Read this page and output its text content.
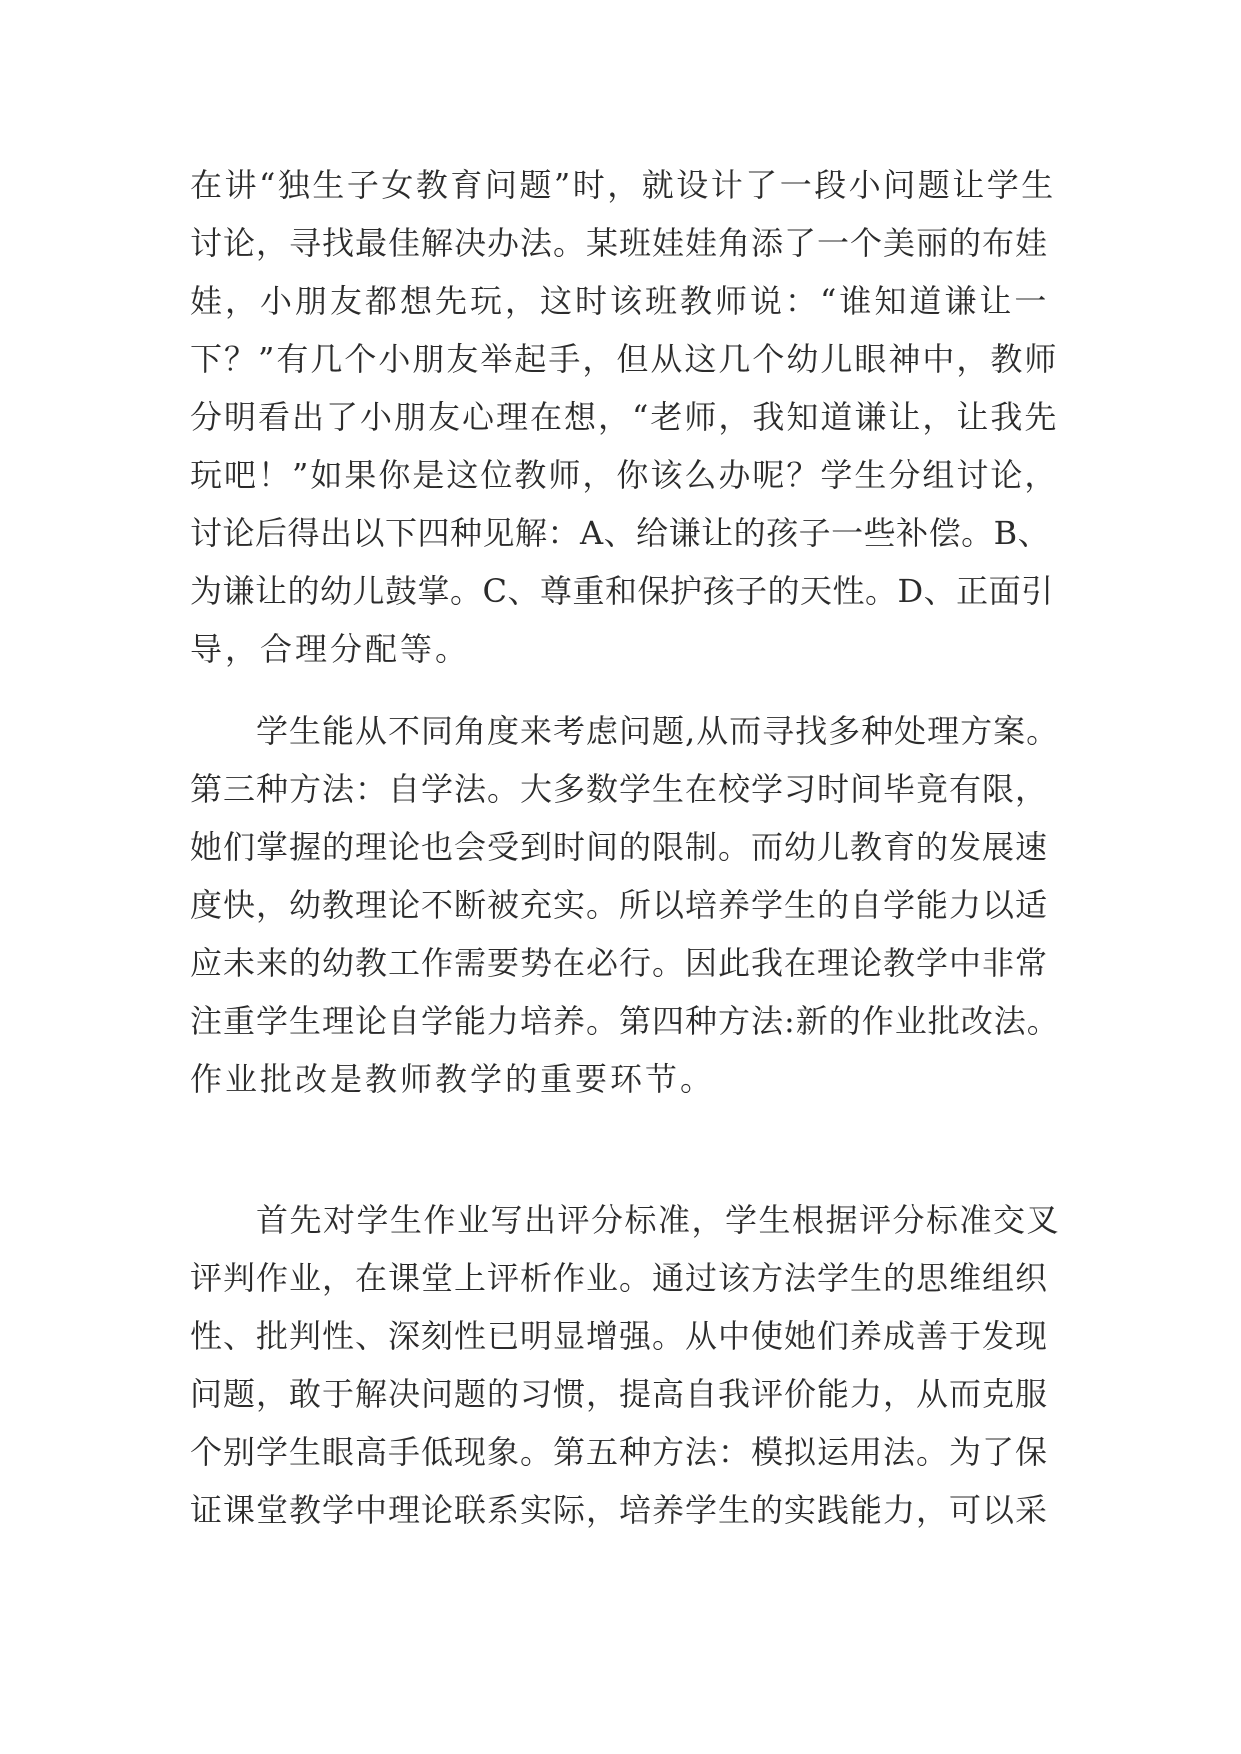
在讲“独生子女教育问题”时，就设计了一段小问题让学生
讨论，寻找最佳解决办法。某班娃娃角添了一个美丽的布娃
娃，小朋友都想先玩，这时该班教师说：“谁知道谦让一
下？”有几个小朋友举起手，但从这几个幼儿眼神中，教师
分明看出了小朋友心理在想，“老师，我知道谦让，让我先
玩吧！”如果你是这位教师，你该么办呢？学生分组讨论，
讨论后得出以下四种见解：A、给谦让的孩子一些补偿。B、
为谦让的幼儿鼓掌。C、尊重和保护孩子的天性。D、正面引
导，合理分配等。
学生能从不同角度来考虑问题,从而寻找多种处理方案。
第三种方法：自学法。大多数学生在校学习时间毕竟有限，
她们掌握的理论也会受到时间的限制。而幼儿教育的发展速
度快，幼教理论不断被充实。所以培养学生的自学能力以适
应未来的幼教工作需要势在必行。因此我在理论教学中非常
注重学生理论自学能力培养。第四种方法:新的作业批改法。
作业批改是教师教学的重要环节。
首先对学生作业写出评分标准，学生根据评分标准交叉
评判作业，在课堂上评析作业。通过该方法学生的思维组织
性、批判性、深刻性已明显增强。从中使她们养成善于发现
问题，敢于解决问题的习惯，提高自我评价能力，从而克服
个别学生眼高手低现象。第五种方法：模拟运用法。为了保
证课堂教学中理论联系实际，培养学生的实践能力，可以采
